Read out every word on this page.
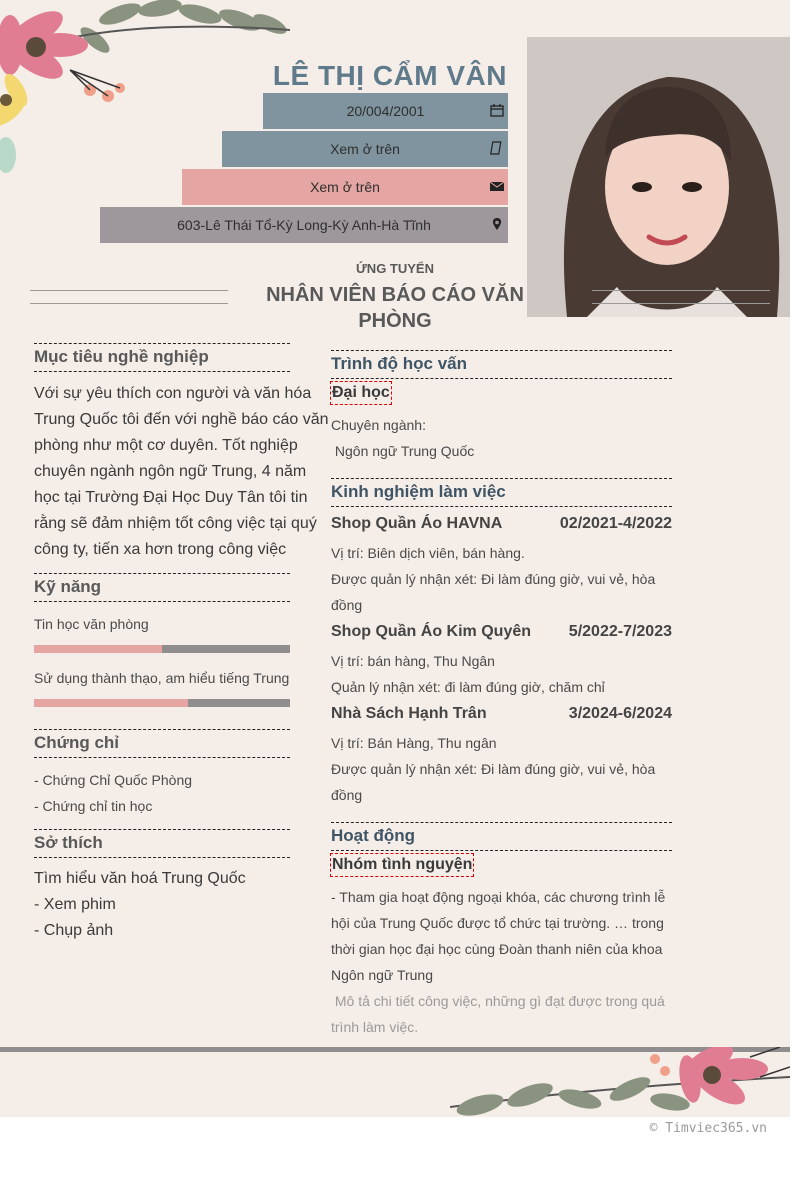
LÊ THỊ CẨM VÂN
20/004/2001
Xem ở trên
Xem ở trên
603-Lê Thái Tổ-Kỳ Long-Kỳ Anh-Hà Tĩnh
ỨNG TUYỂN
NHÂN VIÊN BÁO CÁO VĂN PHÒNG
Mục tiêu nghề nghiệp
Với sự yêu thích con người và văn hóa Trung Quốc tôi đến với nghề báo cáo văn phòng như một cơ duyên. Tốt nghiệp chuyên ngành ngôn ngữ Trung, 4 năm học tại Trường Đại Học Duy Tân tôi tin rằng sẽ đảm nhiệm tốt công việc tại quý công ty, tiến xa hơn trong công việc
Kỹ năng
Tin học văn phòng
Sử dụng thành thạo, am hiểu tiếng Trung
Chứng chỉ
- Chứng Chỉ Quốc Phòng
- Chứng chỉ tin học
Sở thích
Tìm hiểu văn hoá Trung Quốc
- Xem phim
- Chụp ảnh
Trình độ học vấn
Đại học
Chuyên ngành:
Ngôn ngữ Trung Quốc
Kinh nghiệm làm việc
Shop Quần Áo HAVNA	02/2021-4/2022
Vị trí: Biên dịch viên, bán hàng.
Được quản lý nhận xét: Đi làm đúng giờ, vui vẻ, hòa đồng
Shop Quần Áo Kim Quyên 5/2022-7/2023
Vị trí: bán hàng, Thu Ngân
Quản lý nhận xét: đi làm đúng giờ, chăm chỉ
Nhà Sách Hạnh Trân	3/2024-6/2024
Vị trí: Bán Hàng, Thu ngân
Được quản lý nhận xét: Đi làm đúng giờ, vui vẻ, hòa đồng
Hoạt động
Nhóm tình nguyện
- Tham gia hoạt động ngoại khóa, các chương trình lễ hội của Trung Quốc được tổ chức tại trường. … trong thời gian học đại học cùng Đoàn thanh niên của khoa Ngôn ngữ Trung
Mô tả chi tiết công việc, những gì đạt được trong quá trình làm việc.
© Timviec365.vn
